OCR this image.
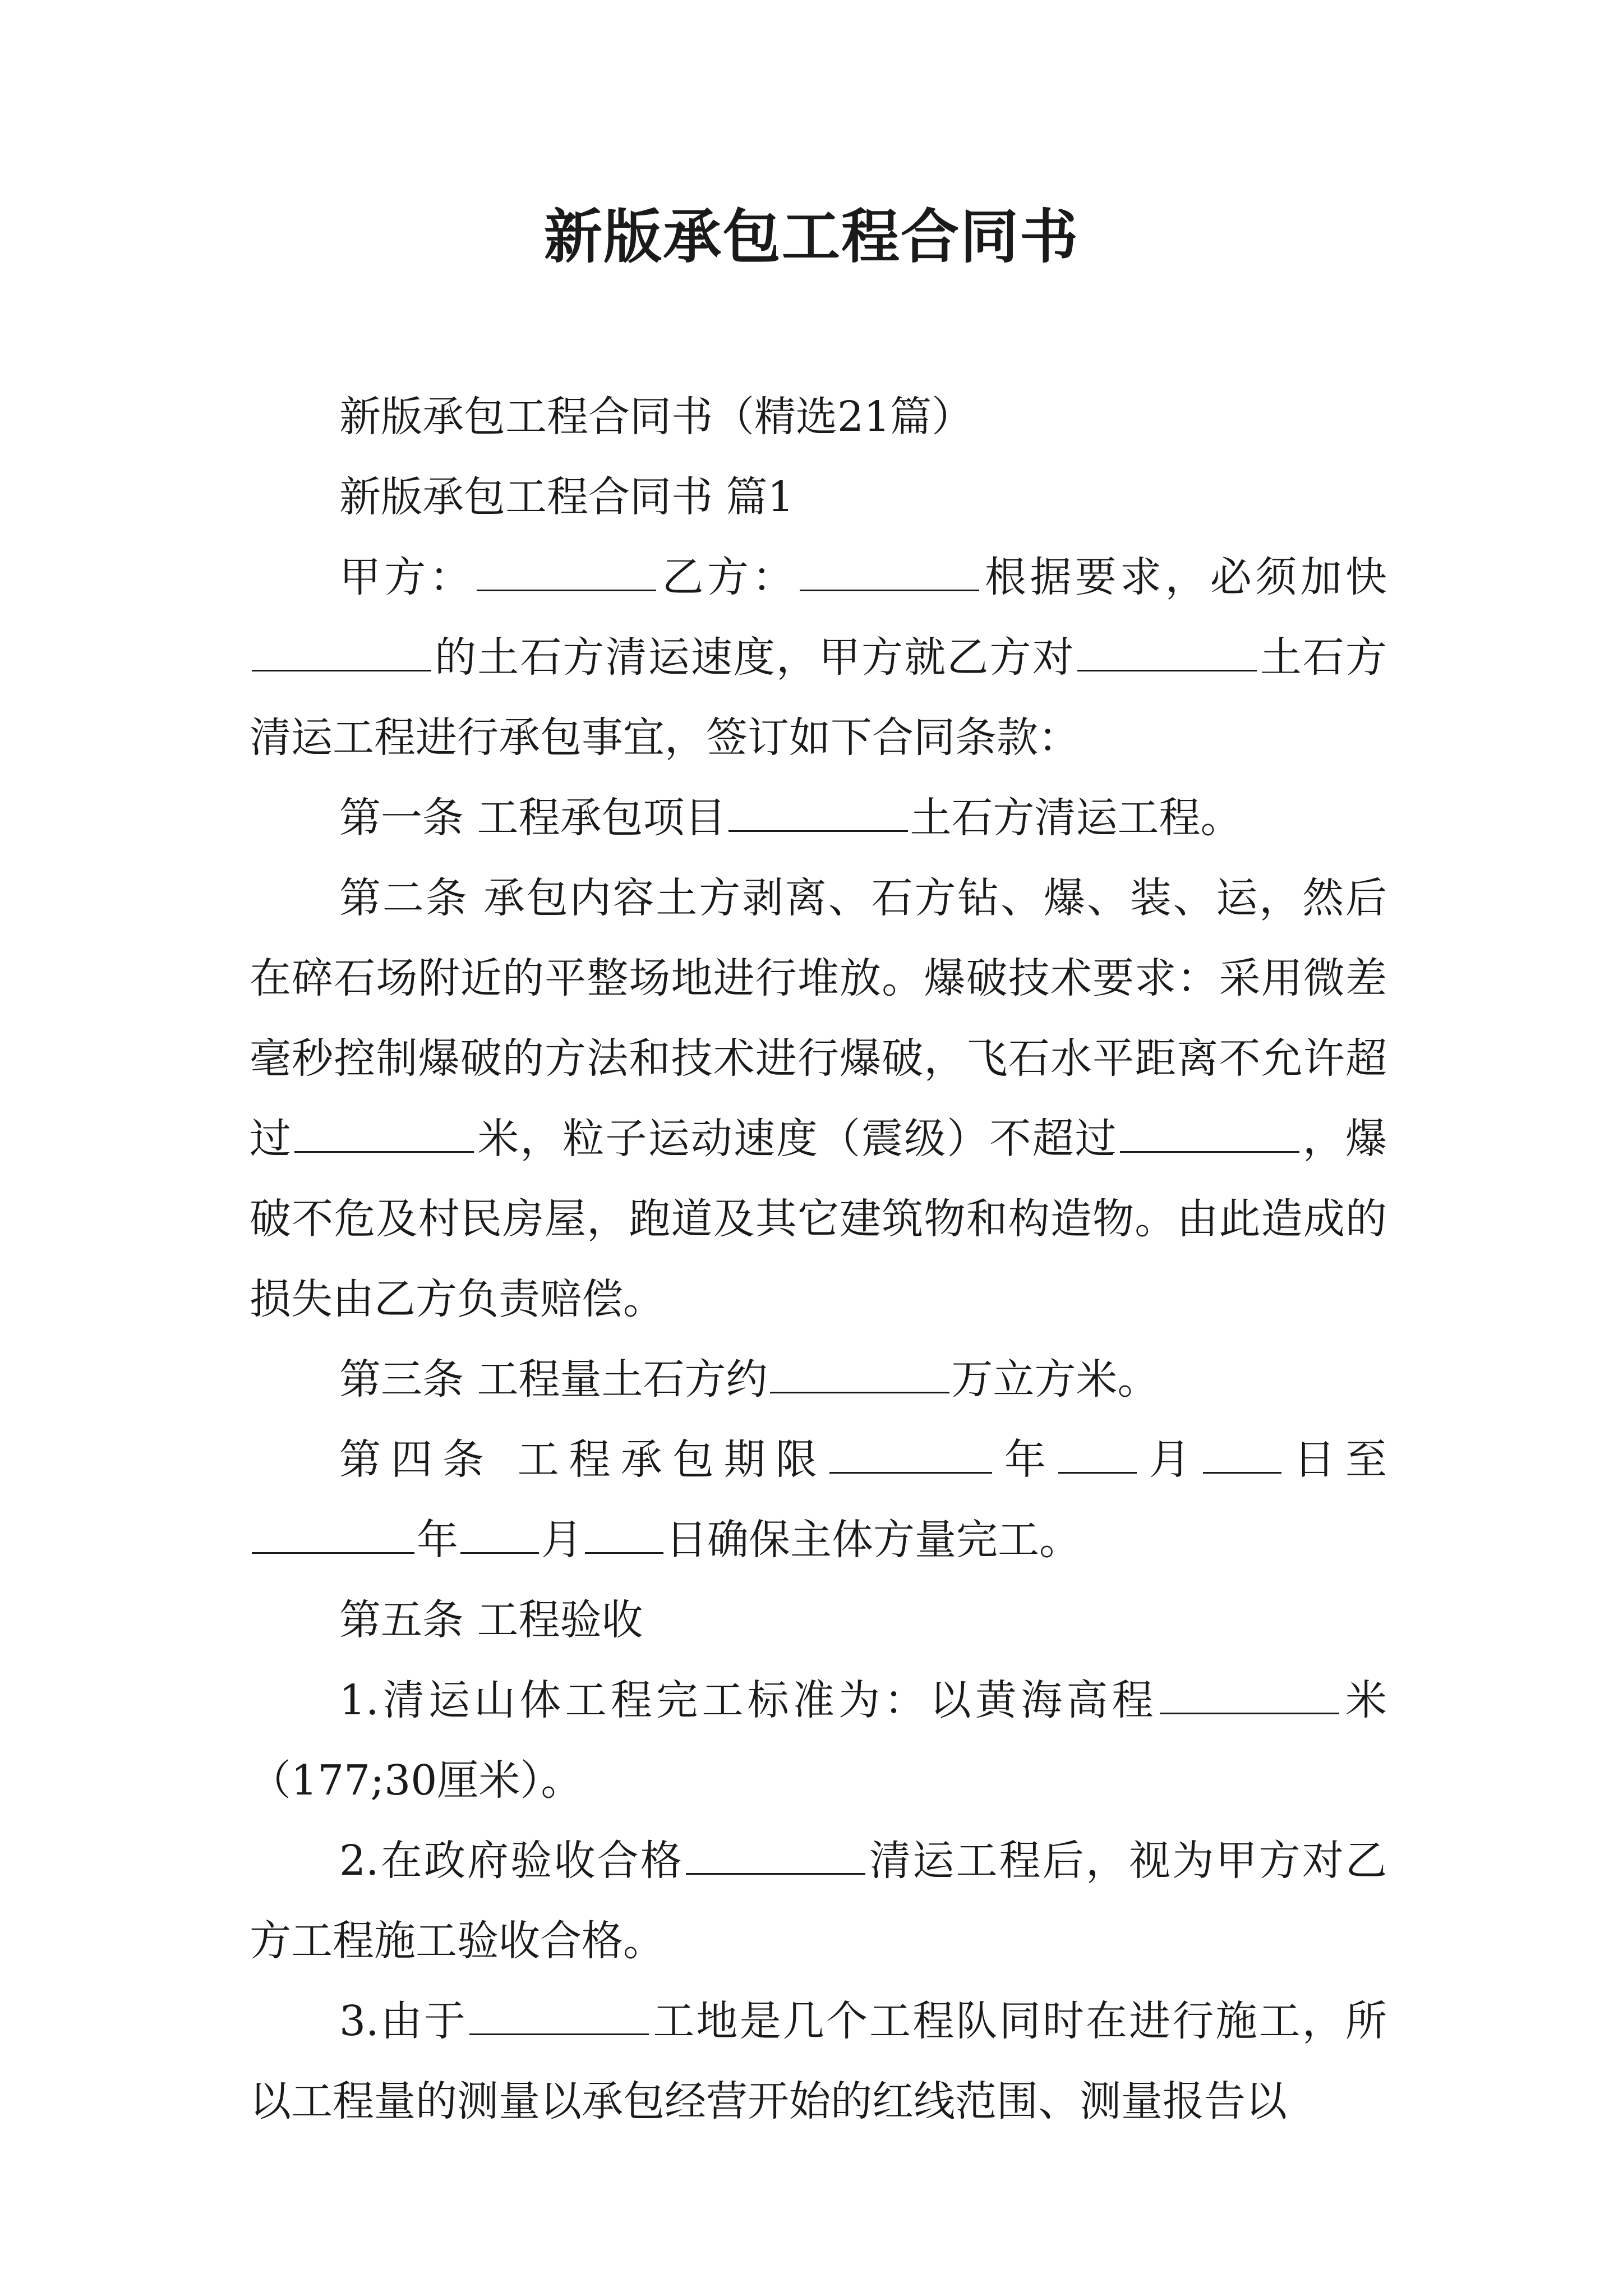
新版承包工程合同书

新版承包工程合同书（精选21篇）

新版承包工程合同书 篇1

甲方：	乙方：	根据要求，必须加快的土石方清运速度，甲方就乙方对	土石方清运工程进行承包事宜，签订如下合同条款：

第一条 工程承包项目	土石方清运工程。

第二条 承包内容土方剥离、石方钻、爆、装、运，然后在碎石场附近的平整场地进行堆放。爆破技术要求：采用微差毫秒控制爆破的方法和技术进行爆破，飞石水平距离不允许超过	米，粒子运动速度（震级）不超过	，爆破不危及村民房屋，跑道及其它建筑物和构造物。由此造成的损失由乙方负责赔偿。

第三条 工程量土石方约	万立方米。

第四条 工程承包期限	年 月 日至年 月 日确保主体方量完工。

第五条 工程验收

1.清运山体工程完工标准为：以黄海高程	米（177;30厘米）。

2.在政府验收合格	清运工程后，视为甲方对乙方工程施工验收合格。

3.由于	工地是几个工程队同时在进行施工，所以工程量的测量以承包经营开始的红线范围、测量报告以
